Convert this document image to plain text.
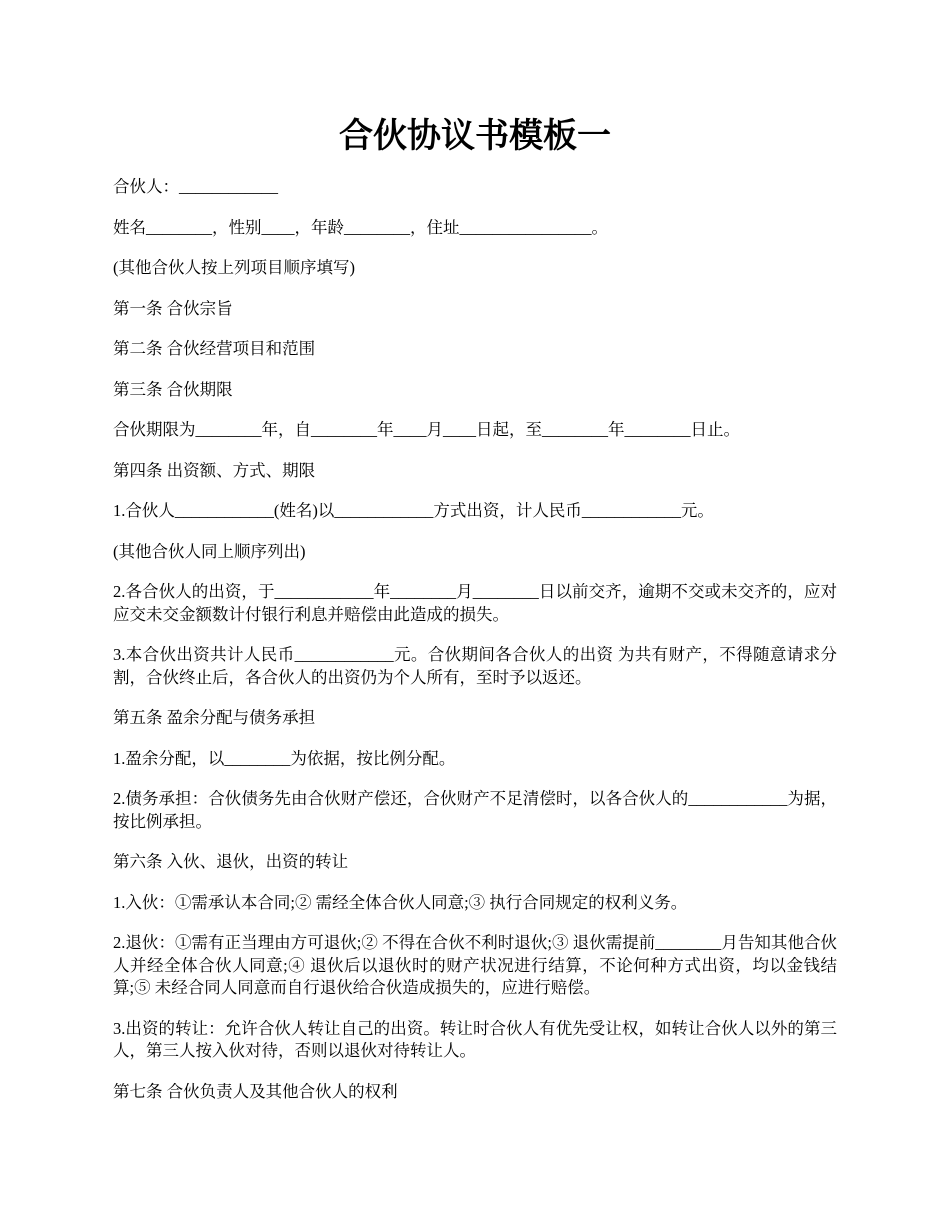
合伙协议书模板一

合伙人：____________

姓名________，性别____，年龄________，住址________________。

(其他合伙人按上列项目顺序填写)

第一条 合伙宗旨

第二条 合伙经营项目和范围

第三条 合伙期限

合伙期限为________年，自________年____月____日起，至________年________日止。

第四条 出资额、方式、期限

1.合伙人____________(姓名)以____________方式出资，计人民币____________元。

(其他合伙人同上顺序列出)

2.各合伙人的出资，于____________年________月________日以前交齐，逾期不交或未交齐的，应对应交未交金额数计付银行利息并赔偿由此造成的损失。

3.本合伙出资共计人民币____________元。合伙期间各合伙人的出资 为共有财产，不得随意请求分割，合伙终止后，各合伙人的出资仍为个人所有，至时予以返还。

第五条 盈余分配与债务承担

1.盈余分配，以________为依据，按比例分配。

2.债务承担：合伙债务先由合伙财产偿还，合伙财产不足清偿时，以各合伙人的____________为据，按比例承担。

第六条 入伙、退伙，出资的转让

1.入伙：①需承认本合同;② 需经全体合伙人同意;③ 执行合同规定的权利义务。

2.退伙：①需有正当理由方可退伙;② 不得在合伙不利时退伙;③ 退伙需提前________月告知其他合伙人并经全体合伙人同意;④ 退伙后以退伙时的财产状况进行结算，不论何种方式出资，均以金钱结算;⑤ 未经合同人同意而自行退伙给合伙造成损失的，应进行赔偿。

3.出资的转让：允许合伙人转让自己的出资。转让时合伙人有优先受让权，如转让合伙人以外的第三人，第三人按入伙对待，否则以退伙对待转让人。

第七条 合伙负责人及其他合伙人的权利
